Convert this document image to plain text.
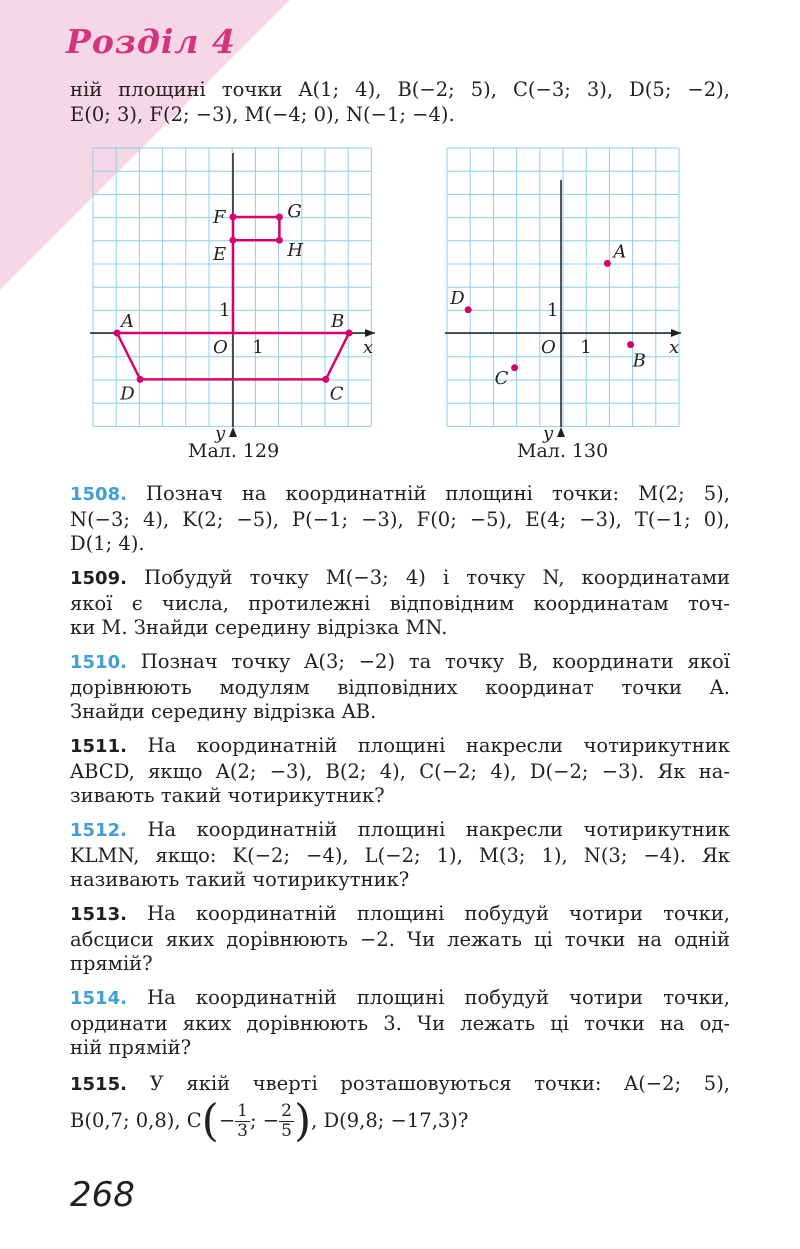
Розділ 4
ній площині точки A(1; 4), B(−2; 5), C(−3; 3), D(5; −2),
E(0; 3), F(2; −3), M(−4; 0), N(−1; −4).
x
y
O 1
1
A	B
C
D
E
F	G
H
Мал. 129
x
y
O 1
1
A
B
C
D
Мал. 130
1508. Познач на координатній площині точки: M(2; 5),
N(−3; 4), K(2; −5), P(−1; −3), F(0; −5), E(4; −3), T(−1; 0),
D(1; 4).
1509. Побудуй точку M(−3; 4) і точку N, координатами
якої є числа, протилежні відповідним координатам точ-
ки M. Знайди середину відрізка MN.
1510. Познач точку A(3; −2) та точку B, координати якої
дорівнюють модулям відповідних координат точки A.
Знайди середину відрізка AB.
1511. На координатній площині накресли чотирикутник
ABCD, якщо A(2; −3), B(2; 4), C(−2; 4), D(−2; −3). Як на-
зивають такий чотирикутник?
1512. На координатній площині накресли чотирикутник
KLMN, якщо: K(−2; −4), L(−2; 1), M(3; 1), N(3; −4). Як
називають такий чотирикутник?
1513. На координатній площині побудуй чотири точки,
абсциси яких дорівнюють −2. Чи лежать ці точки на одній
прямій?
1514. На координатній площині побудуй чотири точки,
ординати яких дорівнюють 3. Чи лежать ці точки на од-
ній прямій?
1515. У якій чверті розташовуються точки: A(−2; 5),
B(0,7; 0,8), $C(- \frac{1}{3}$ ; − $\frac{2}{5}$ ), D(9,8; −17,3)?
268
